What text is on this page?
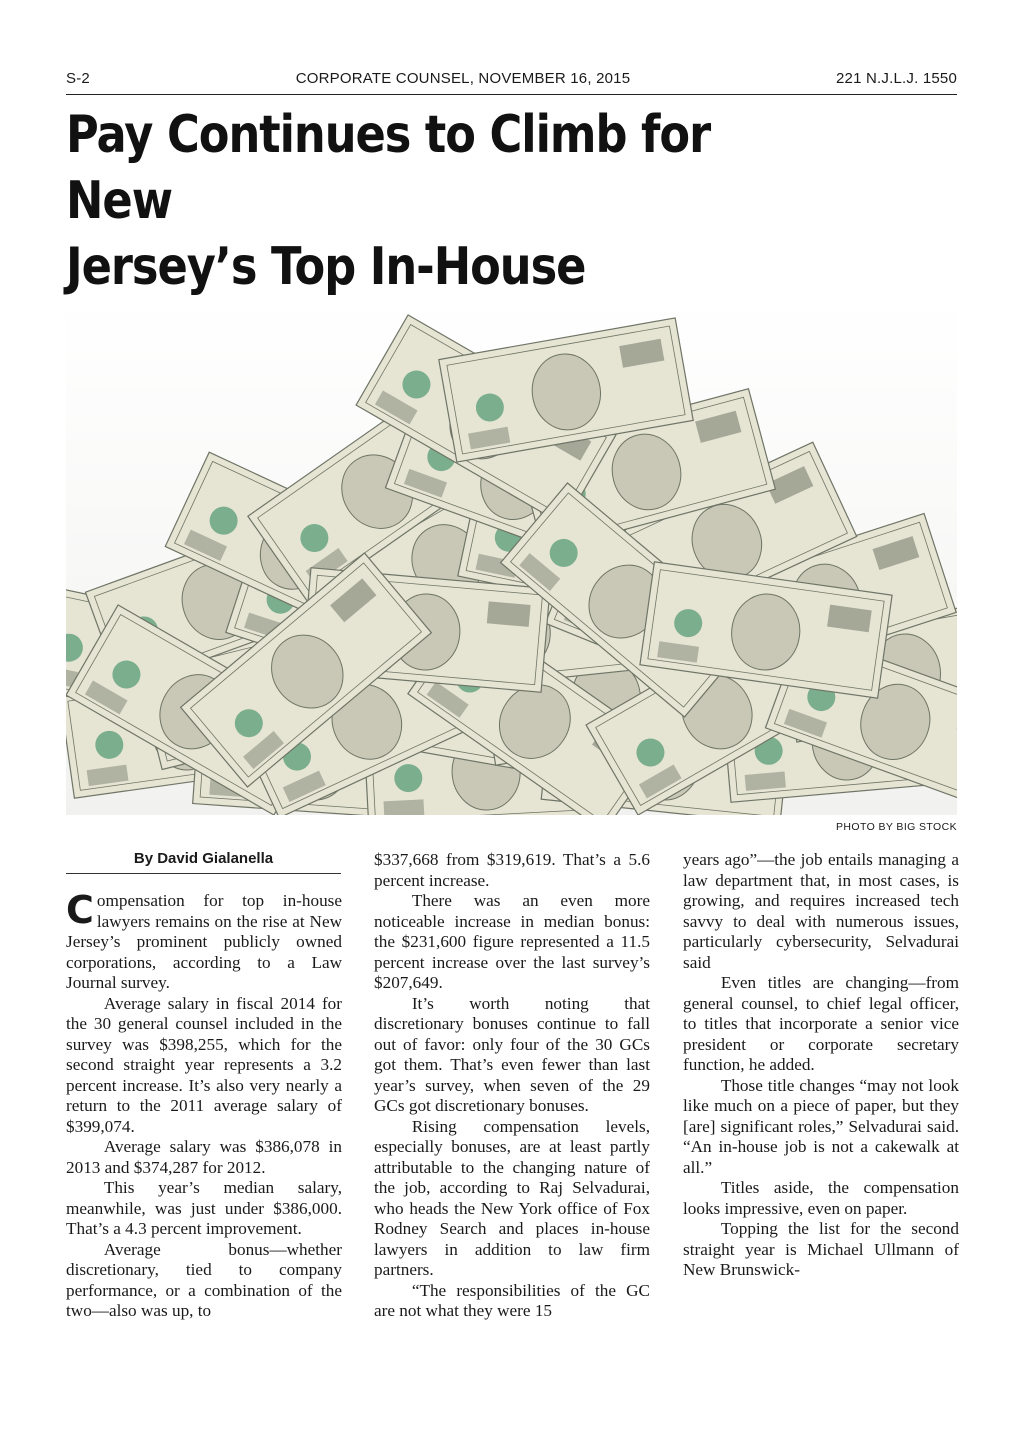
S-2	CORPORATE COUNSEL, NOVEMBER 16, 2015	221 N.J.L.J. 1550
Pay Continues to Climb for New
Jersey’s Top In-House
PHOTO BY BIG STOCK
By David Gialanella

Compensation for top in-house lawyers remains on the rise at New Jersey’s prominent publicly owned corporations, according to a Law Journal survey.

Average salary in fiscal 2014 for the 30 general counsel included in the survey was $398,255, which for the second straight year represents a 3.2 percent increase. It’s also very nearly a return to the 2011 average salary of $399,074.

Average salary was $386,078 in 2013 and $374,287 for 2012.

This year’s median salary, meanwhile, was just under $386,000. That’s a 4.3 percent improvement.

Average bonus—whether discretionary, tied to company performance, or a combination of the two—also was up, to

$337,668 from $319,619. That’s a 5.6 percent increase.

There was an even more noticeable increase in median bonus: the $231,600 figure represented a 11.5 percent increase over the last survey’s $207,649.

It’s worth noting that discretionary bonuses continue to fall out of favor: only four of the 30 GCs got them. That’s even fewer than last year’s survey, when seven of the 29 GCs got discretionary bonuses.

Rising compensation levels, especially bonuses, are at least partly attributable to the changing nature of the job, according to Raj Selvadurai, who heads the New York office of Fox Rodney Search and places in-house lawyers in addition to law firm partners.

“The responsibilities of the GC are not what they were 15

years ago”—the job entails managing a law department that, in most cases, is growing, and requires increased tech savvy to deal with numerous issues, particularly cybersecurity, Selvadurai said

Even titles are changing—from general counsel, to chief legal officer, to titles that incorporate a senior vice president or corporate secretary function, he added.

Those title changes “may not look like much on a piece of paper, but they [are] significant roles,” Selvadurai said. “An in-house job is not a cakewalk at all.”

Titles aside, the compensation looks impressive, even on paper.

Topping the list for the second straight year is Michael Ullmann of New Brunswick-
